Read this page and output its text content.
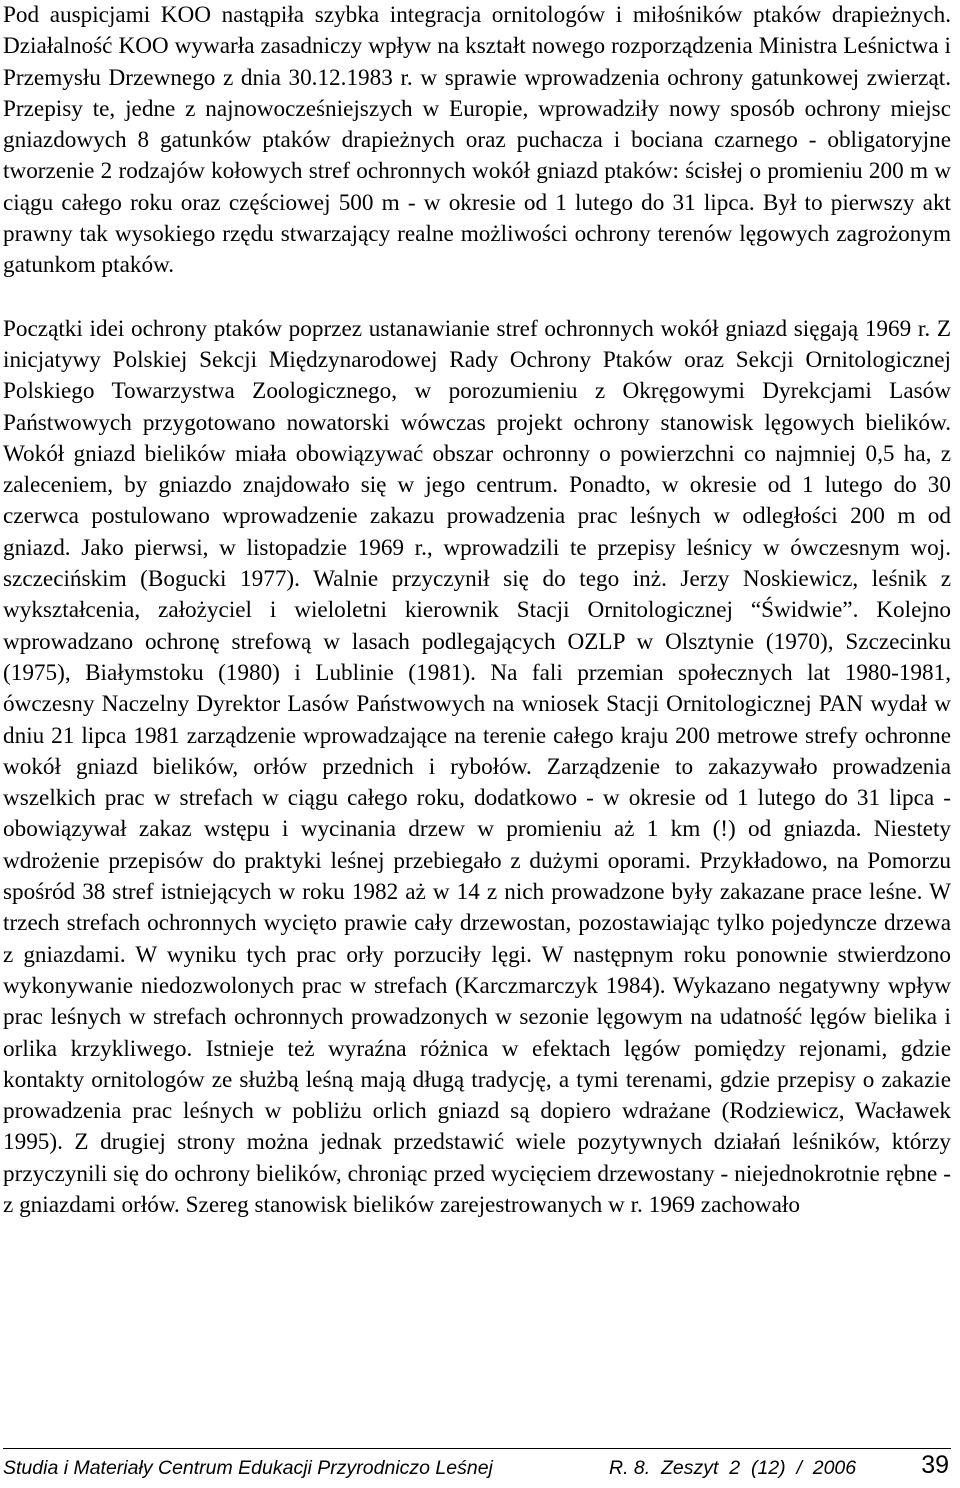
Pod auspicjami KOO nastąpiła szybka integracja ornitologów i miłośników ptaków drapieżnych. Działalność KOO wywarła zasadniczy wpływ na kształt nowego rozporządzenia Ministra Leśnictwa i Przemysłu Drzewnego z dnia 30.12.1983 r. w sprawie wprowadzenia ochrony gatunkowej zwierząt. Przepisy te, jedne z najnowocześniejszych w Europie, wprowadziły nowy sposób ochrony miejsc gniazdowych 8 gatunków ptaków drapieżnych oraz puchacza i bociana czarnego - obligatoryjne tworzenie 2 rodzajów kołowych stref ochronnych wokół gniazd ptaków: ścisłej o promieniu 200 m w ciągu całego roku oraz częściowej 500 m - w okresie od 1 lutego do 31 lipca. Był to pierwszy akt prawny tak wysokiego rzędu stwarzający realne możliwości ochrony terenów lęgowych zagrożonym gatunkom ptaków.

Początki idei ochrony ptaków poprzez ustanawianie stref ochronnych wokół gniazd sięgają 1969 r. Z inicjatywy Polskiej Sekcji Międzynarodowej Rady Ochrony Ptaków oraz Sekcji Ornitologicznej Polskiego Towarzystwa Zoologicznego, w porozumieniu z Okręgowymi Dyrekcjami Lasów Państwowych przygotowano nowatorski wówczas projekt ochrony stanowisk lęgowych bielików. Wokół gniazd bielików miała obowiązywać obszar ochronny o powierzchni co najmniej 0,5 ha, z zaleceniem, by gniazdo znajdowało się w jego centrum. Ponadto, w okresie od 1 lutego do 30 czerwca postulowano wprowadzenie zakazu prowadzenia prac leśnych w odległości 200 m od gniazd. Jako pierwsi, w listopadzie 1969 r., wprowadzili te przepisy leśnicy w ówczesnym woj. szczecińskim (Bogucki 1977). Walnie przyczynił się do tego inż. Jerzy Noskiewicz, leśnik z wykształcenia, założyciel i wieloletni kierownik Stacji Ornitologicznej “Świdwie”. Kolejno wprowadzano ochronę strefową w lasach podlegających OZLP w Olsztynie (1970), Szczecinku (1975), Białymstoku (1980) i Lublinie (1981). Na fali przemian społecznych lat 1980-1981, ówczesny Naczelny Dyrektor Lasów Państwowych na wniosek Stacji Ornitologicznej PAN wydał w dniu 21 lipca 1981 zarządzenie wprowadzające na terenie całego kraju 200 metrowe strefy ochronne wokół gniazd bielików, orłów przednich i rybołów. Zarządzenie to zakazywało prowadzenia wszelkich prac w strefach w ciągu całego roku, dodatkowo - w okresie od 1 lutego do 31 lipca - obowiązywał zakaz wstępu i wycinania drzew w promieniu aż 1 km (!) od gniazda. Niestety wdrożenie przepisów do praktyki leśnej przebiegało z dużymi oporami. Przykładowo, na Pomorzu spośród 38 stref istniejących w roku 1982 aż w 14 z nich prowadzone były zakazane prace leśne. W trzech strefach ochronnych wycięto prawie cały drzewostan, pozostawiając tylko pojedyncze drzewa z gniazdami. W wyniku tych prac orły porzuciły lęgi. W następnym roku ponownie stwierdzono wykonywanie niedozwolonych prac w strefach (Karczmarczyk 1984). Wykazano negatywny wpływ prac leśnych w strefach ochronnych prowadzonych w sezonie lęgowym na udatność lęgów bielika i orlika krzykliwego. Istnieje też wyraźna różnica w efektach lęgów pomiędzy rejonami, gdzie kontakty ornitologów ze służbą leśną mają długą tradycję, a tymi terenami, gdzie przepisy o zakazie prowadzenia prac leśnych w pobliżu orlich gniazd są dopiero wdrażane (Rodziewicz, Wacławek 1995). Z drugiej strony można jednak przedstawić wiele pozytywnych działań leśników, którzy przyczynili się do ochrony bielików, chroniąc przed wycięciem drzewostany - niejednokrotnie rębne - z gniazdami orłów. Szereg stanowisk bielików zarejestrowanych w r. 1969 zachowało

Studia i Materiały Centrum Edukacji Przyrodniczo Leśnej	R. 8.  Zeszyt  2  (12)  /  2006	39
